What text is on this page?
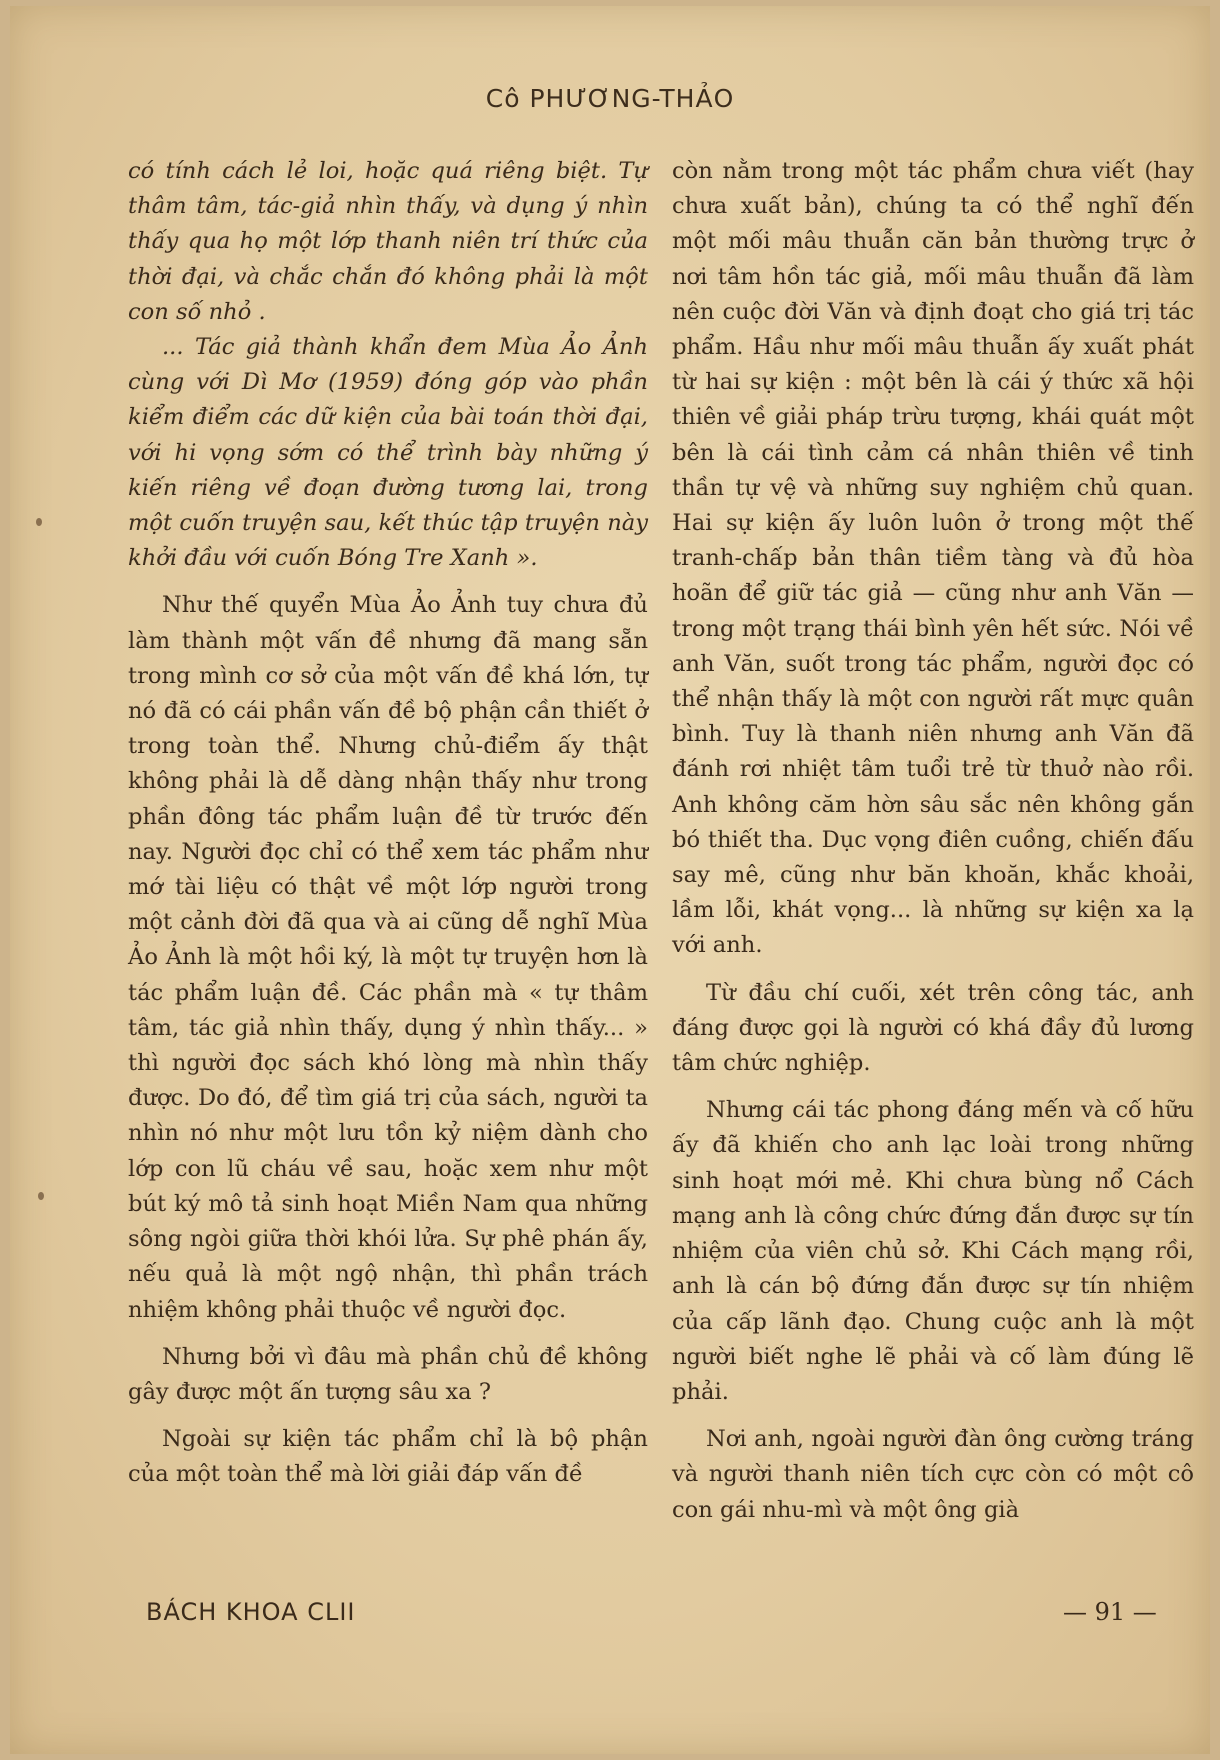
Cô PHƯƠNG-THẢO

có tính cách lẻ loi, hoặc quá riêng biệt. Tự thâm tâm, tác-giả nhìn thấy, và dụng ý nhìn thấy qua họ một lớp thanh niên trí thức của thời đại, và chắc chắn đó không phải là một con số nhỏ .

... Tác giả thành khẩn đem Mùa Ảo Ảnh cùng với Dì Mơ (1959) đóng góp vào phần kiểm điểm các dữ kiện của bài toán thời đại, với hi vọng sớm có thể trình bày những ý kiến riêng về đoạn đường tương lai, trong một cuốn truyện sau, kết thúc tập truyện này khởi đầu với cuốn Bóng Tre Xanh ».

Như thế quyển Mùa Ảo Ảnh tuy chưa đủ làm thành một vấn đề nhưng đã mang sẵn trong mình cơ sở của một vấn đề khá lớn, tự nó đã có cái phần vấn đề bộ phận cần thiết ở trong toàn thể. Nhưng chủ-điểm ấy thật không phải là dễ dàng nhận thấy như trong phần đông tác phẩm luận đề từ trước đến nay. Người đọc chỉ có thể xem tác phẩm như mớ tài liệu có thật về một lớp người trong một cảnh đời đã qua và ai cũng dễ nghĩ Mùa Ảo Ảnh là một hồi ký, là một tự truyện hơn là tác phẩm luận đề. Các phần mà « tự thâm tâm, tác giả nhìn thấy, dụng ý nhìn thấy... » thì người đọc sách khó lòng mà nhìn thấy được. Do đó, để tìm giá trị của sách, người ta nhìn nó như một lưu tồn kỷ niệm dành cho lớp con lũ cháu về sau, hoặc xem như một bút ký mô tả sinh hoạt Miền Nam qua những sông ngòi giữa thời khói lửa. Sự phê phán ấy, nếu quả là một ngộ nhận, thì phần trách nhiệm không phải thuộc về người đọc.

Nhưng bởi vì đâu mà phần chủ đề không gây được một ấn tượng sâu xa ?

Ngoài sự kiện tác phẩm chỉ là bộ phận của một toàn thể mà lời giải đáp vấn đề

còn nằm trong một tác phẩm chưa viết (hay chưa xuất bản), chúng ta có thể nghĩ đến một mối mâu thuẫn căn bản thường trực ở nơi tâm hồn tác giả, mối mâu thuẫn đã làm nên cuộc đời Văn và định đoạt cho giá trị tác phẩm. Hầu như mối mâu thuẫn ấy xuất phát từ hai sự kiện : một bên là cái ý thức xã hội thiên về giải pháp trừu tượng, khái quát một bên là cái tình cảm cá nhân thiên về tinh thần tự vệ và những suy nghiệm chủ quan. Hai sự kiện ấy luôn luôn ở trong một thế tranh-chấp bản thân tiềm tàng và đủ hòa hoãn để giữ tác giả — cũng như anh Văn — trong một trạng thái bình yên hết sức. Nói về anh Văn, suốt trong tác phẩm, người đọc có thể nhận thấy là một con người rất mực quân bình. Tuy là thanh niên nhưng anh Văn đã đánh rơi nhiệt tâm tuổi trẻ từ thuở nào rồi. Anh không căm hờn sâu sắc nên không gắn bó thiết tha. Dục vọng điên cuồng, chiến đấu say mê, cũng như băn khoăn, khắc khoải, lầm lỗi, khát vọng... là những sự kiện xa lạ với anh.

Từ đầu chí cuối, xét trên công tác, anh đáng được gọi là người có khá đầy đủ lương tâm chức nghiệp.

Nhưng cái tác phong đáng mến và cố hữu ấy đã khiến cho anh lạc loài trong những sinh hoạt mới mẻ. Khi chưa bùng nổ Cách mạng anh là công chức đứng đắn được sự tín nhiệm của viên chủ sở. Khi Cách mạng rồi, anh là cán bộ đứng đắn được sự tín nhiệm của cấp lãnh đạo. Chung cuộc anh là một người biết nghe lẽ phải và cố làm đúng lẽ phải.

Nơi anh, ngoài người đàn ông cường tráng và người thanh niên tích cực còn có một cô con gái nhu-mì và một ông già

BÁCH KHOA CLII	— 91 —
